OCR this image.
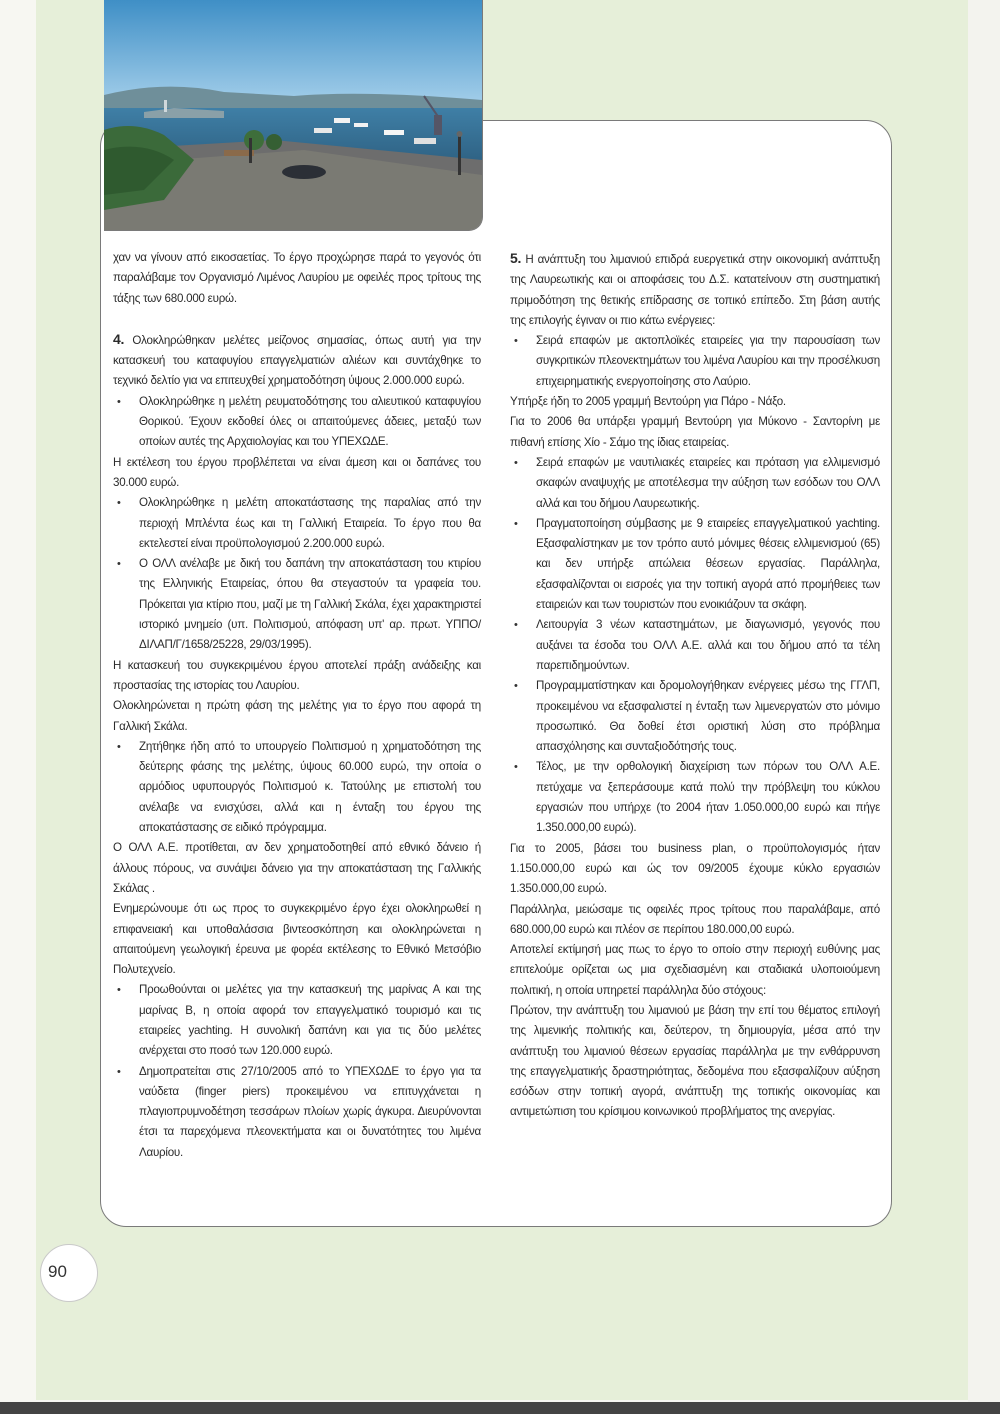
χαν να γίνουν από εικοσαετίας. Το έργο προχώρησε παρά το γεγονός ότι παραλάβαμε τον Οργανισμό Λιμένος Λαυρίου με οφειλές προς τρίτους της τάξης των 680.000 ευρώ.

4. Ολοκληρώθηκαν μελέτες μείζονος σημασίας, όπως αυτή για την κατασκευή του καταφυγίου επαγγελματιών αλιέων και συντάχθηκε το τεχνικό δελτίο για να επιτευχθεί χρηματοδότηση ύψους 2.000.000 ευρώ.

• Ολοκληρώθηκε η μελέτη ρευματοδότησης του αλιευτικού καταφυγίου Θορικού. Έχουν εκδοθεί όλες οι απαιτούμενες άδειες, μεταξύ των οποίων αυτές της Αρχαιολογίας και του ΥΠΕΧΩΔΕ.

Η εκτέλεση του έργου προβλέπεται να είναι άμεση και οι δαπάνες του 30.000 ευρώ.

• Ολοκληρώθηκε η μελέτη αποκατάστασης της παραλίας από την περιοχή Μπλέντα έως και τη Γαλλική Εταιρεία. Το έργο που θα εκτελεστεί είναι προϋπολογισμού 2.200.000 ευρώ.
• Ο ΟΛΛ ανέλαβε με δική του δαπάνη την αποκατάσταση του κτιρίου της Ελληνικής Εταιρείας, όπου θα στεγαστούν τα γραφεία του. Πρόκειται για κτίριο που, μαζί με τη Γαλλική Σκάλα, έχει χαρακτηριστεί ιστορικό μνημείο (υπ. Πολιτισμού, απόφαση υπ' αρ. πρωτ. ΥΠΠΟ/ΔΙΛΑΠ/Γ/1658/25228, 29/03/1995).

Η κατασκευή του συγκεκριμένου έργου αποτελεί πράξη ανάδειξης και προστασίας της ιστορίας του Λαυρίου.

Ολοκληρώνεται η πρώτη φάση της μελέτης για το έργο που αφορά τη Γαλλική Σκάλα.

• Ζητήθηκε ήδη από το υπουργείο Πολιτισμού η χρηματοδότηση της δεύτερης φάσης της μελέτης, ύψους 60.000 ευρώ, την οποία ο αρμόδιος υφυπουργός Πολιτισμού κ. Τατούλης με επιστολή του ανέλαβε να ενισχύσει, αλλά και η ένταξη του έργου της αποκατάστασης σε ειδικό πρόγραμμα.

Ο ΟΛΛ Α.Ε. προτίθεται, αν δεν χρηματοδοτηθεί από εθνικό δάνειο ή άλλους πόρους, να συνάψει δάνειο για την αποκατάσταση της Γαλλικής Σκάλας .

Ενημερώνουμε ότι ως προς το συγκεκριμένο έργο έχει ολοκληρωθεί η επιφανειακή και υποθαλάσσια βιντεοσκόπηση και ολοκληρώνεται η απαιτούμενη γεωλογική έρευνα με φορέα εκτέλεσης το Εθνικό Μετσόβιο Πολυτεχνείο.

• Προωθούνται οι μελέτες για την κατασκευή της μαρίνας Α και της μαρίνας Β, η οποία αφορά τον επαγγελματικό τουρισμό και τις εταιρείες yachting. Η συνολική δαπάνη και για τις δύο μελέτες ανέρχεται στο ποσό των 120.000 ευρώ.
• Δημοπρατείται στις 27/10/2005 από το ΥΠΕΧΩΔΕ το έργο για τα ναύδετα (finger piers) προκειμένου να επιτυγχάνεται η πλαγιοπρυμνοδέτηση τεσσάρων πλοίων χωρίς άγκυρα. Διευρύνονται έτσι τα παρεχόμενα πλεονεκτήματα και οι δυνατότητες του λιμένα Λαυρίου.

5. Η ανάπτυξη του λιμανιού επιδρά ευεργετικά στην οικονομική ανάπτυξη της Λαυρεωτικής και οι αποφάσεις του Δ.Σ. κατατείνουν στη συστηματική πριμοδότηση της θετικής επίδρασης σε τοπικό επίπεδο. Στη βάση αυτής της επιλογής έγιναν οι πιο κάτω ενέργειες:

• Σειρά επαφών με ακτοπλοϊκές εταιρείες για την παρουσίαση των συγκριτικών πλεονεκτημάτων του λιμένα Λαυρίου και την προσέλκυση επιχειρηματικής ενεργοποίησης στο Λαύριο.

Υπήρξε ήδη το 2005 γραμμή Βεντούρη για Πάρο - Νάξο.

Για το 2006 θα υπάρξει γραμμή Βεντούρη για Μύκονο - Σαντορίνη με πιθανή επίσης Χίο - Σάμο της ίδιας εταιρείας.

• Σειρά επαφών με ναυτιλιακές εταιρείες και πρόταση για ελλιμενισμό σκαφών αναψυχής με αποτέλεσμα την αύξηση των εσόδων του ΟΛΛ αλλά και του δήμου Λαυρεωτικής.
• Πραγματοποίηση σύμβασης με 9 εταιρείες επαγγελματικού yachting. Εξασφαλίστηκαν με τον τρόπο αυτό μόνιμες θέσεις ελλιμενισμού (65) και δεν υπήρξε απώλεια θέσεων εργασίας. Παράλληλα, εξασφαλίζονται οι εισροές για την τοπική αγορά από προμήθειες των εταιρειών και των τουριστών που ενοικιάζουν τα σκάφη.
• Λειτουργία 3 νέων καταστημάτων, με διαγωνισμό, γεγονός που αυξάνει τα έσοδα του ΟΛΛ Α.Ε. αλλά και του δήμου από τα τέλη παρεπιδημούντων.
• Προγραμματίστηκαν και δρομολογήθηκαν ενέργειες μέσω της ΓΓΛΠ, προκειμένου να εξασφαλιστεί η ένταξη των λιμενεργατών στο μόνιμο προσωπικό. Θα δοθεί έτσι οριστική λύση στο πρόβλημα απασχόλησης και συνταξιοδότησής τους.
• Τέλος, με την ορθολογική διαχείριση των πόρων του ΟΛΛ Α.Ε. πετύχαμε να ξεπεράσουμε κατά πολύ την πρόβλεψη του κύκλου εργασιών που υπήρχε (το 2004 ήταν 1.050.000,00 ευρώ και πήγε 1.350.000,00 ευρώ).

Για το 2005, βάσει του business plan, ο προϋπολογισμός ήταν 1.150.000,00 ευρώ και ώς τον 09/2005 έχουμε κύκλο εργασιών 1.350.000,00 ευρώ.

Παράλληλα, μειώσαμε τις οφειλές προς τρίτους που παραλάβαμε, από 680.000,00 ευρώ και πλέον σε περίπου 180.000,00 ευρώ.

Αποτελεί εκτίμησή μας πως το έργο το οποίο στην περιοχή ευθύνης μας επιτελούμε ορίζεται ως μια σχεδιασμένη και σταδιακά υλοποιούμενη πολιτική, η οποία υπηρετεί παράλληλα δύο στόχους:

Πρώτον, την ανάπτυξη του λιμανιού με βάση την επί του θέματος επιλογή της λιμενικής πολιτικής και, δεύτερον, τη δημιουργία, μέσα από την ανάπτυξη του λιμανιού θέσεων εργασίας παράλληλα με την ενθάρρυνση της επαγγελματικής δραστηριότητας, δεδομένα που εξασφαλίζουν αύξηση εσόδων στην τοπική αγορά, ανάπτυξη της τοπικής οικονομίας και αντιμετώπιση του κρίσιμου κοινωνικού προβλήματος της ανεργίας.

90
